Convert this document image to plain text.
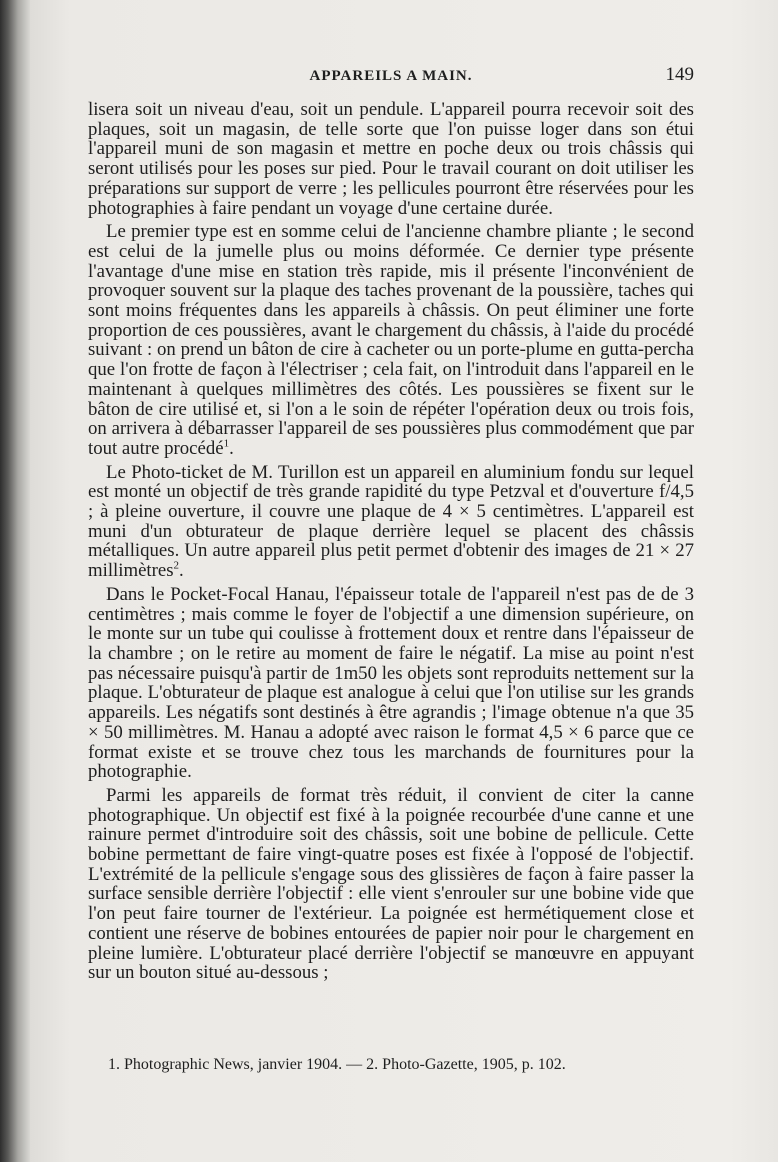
APPAREILS A MAIN.	149

lisera soit un niveau d'eau, soit un pendule. L'appareil pourra recevoir soit des plaques, soit un magasin, de telle sorte que l'on puisse loger dans son étui l'appareil muni de son magasin et mettre en poche deux ou trois châssis qui seront utilisés pour les poses sur pied. Pour le travail courant on doit utiliser les préparations sur support de verre ; les pellicules pourront être réservées pour les photographies à faire pendant un voyage d'une certaine durée.

Le premier type est en somme celui de l'ancienne chambre pliante ; le second est celui de la jumelle plus ou moins déformée. Ce dernier type présente l'avantage d'une mise en station très rapide, mis il présente l'inconvénient de provoquer souvent sur la plaque des taches provenant de la poussière, taches qui sont moins fréquentes dans les appareils à châssis. On peut éliminer une forte proportion de ces poussières, avant le chargement du châssis, à l'aide du procédé suivant : on prend un bâton de cire à cacheter ou un porte-plume en gutta-percha que l'on frotte de façon à l'électriser ; cela fait, on l'introduit dans l'appareil en le maintenant à quelques millimètres des côtés. Les poussières se fixent sur le bâton de cire utilisé et, si l'on a le soin de répéter l'opération deux ou trois fois, on arrivera à débarrasser l'appareil de ses poussières plus commodément que par tout autre procédé$^1$.

Le Photo-ticket de M. Turillon est un appareil en aluminium fondu sur lequel est monté un objectif de très grande rapidité du type Petzval et d'ouverture f/4,5 ; à pleine ouverture, il couvre une plaque de 4 × 5 centimètres. L'appareil est muni d'un obturateur de plaque derrière lequel se placent des châssis métalliques. Un autre appareil plus petit permet d'obtenir des images de 21 × 27 millimètres$^2$.

Dans le Pocket-Focal Hanau, l'épaisseur totale de l'appareil n'est pas de de 3 centimètres ; mais comme le foyer de l'objectif a une dimension supérieure, on le monte sur un tube qui coulisse à frottement doux et rentre dans l'épaisseur de la chambre ; on le retire au moment de faire le négatif. La mise au point n'est pas nécessaire puisqu'à partir de 1m50 les objets sont reproduits nettement sur la plaque. L'obturateur de plaque est analogue à celui que l'on utilise sur les grands appareils. Les négatifs sont destinés à être agrandis ; l'image obtenue n'a que 35 × 50 millimètres. M. Hanau a adopté avec raison le format 4,5 × 6 parce que ce format existe et se trouve chez tous les marchands de fournitures pour la photographie.

Parmi les appareils de format très réduit, il convient de citer la canne photographique. Un objectif est fixé à la poignée recourbée d'une canne et une rainure permet d'introduire soit des châssis, soit une bobine de pellicule. Cette bobine permettant de faire vingt-quatre poses est fixée à l'opposé de l'objectif. L'extrémité de la pellicule s'engage sous des glissières de façon à faire passer la surface sensible derrière l'objectif : elle vient s'enrouler sur une bobine vide que l'on peut faire tourner de l'extérieur. La poignée est hermétiquement close et contient une réserve de bobines entourées de papier noir pour le chargement en pleine lumière. L'obturateur placé derrière l'objectif se manœuvre en appuyant sur un bouton situé au-dessous ;

1. Photographic News, janvier 1904. — 2. Photo-Gazette, 1905, p. 102.
